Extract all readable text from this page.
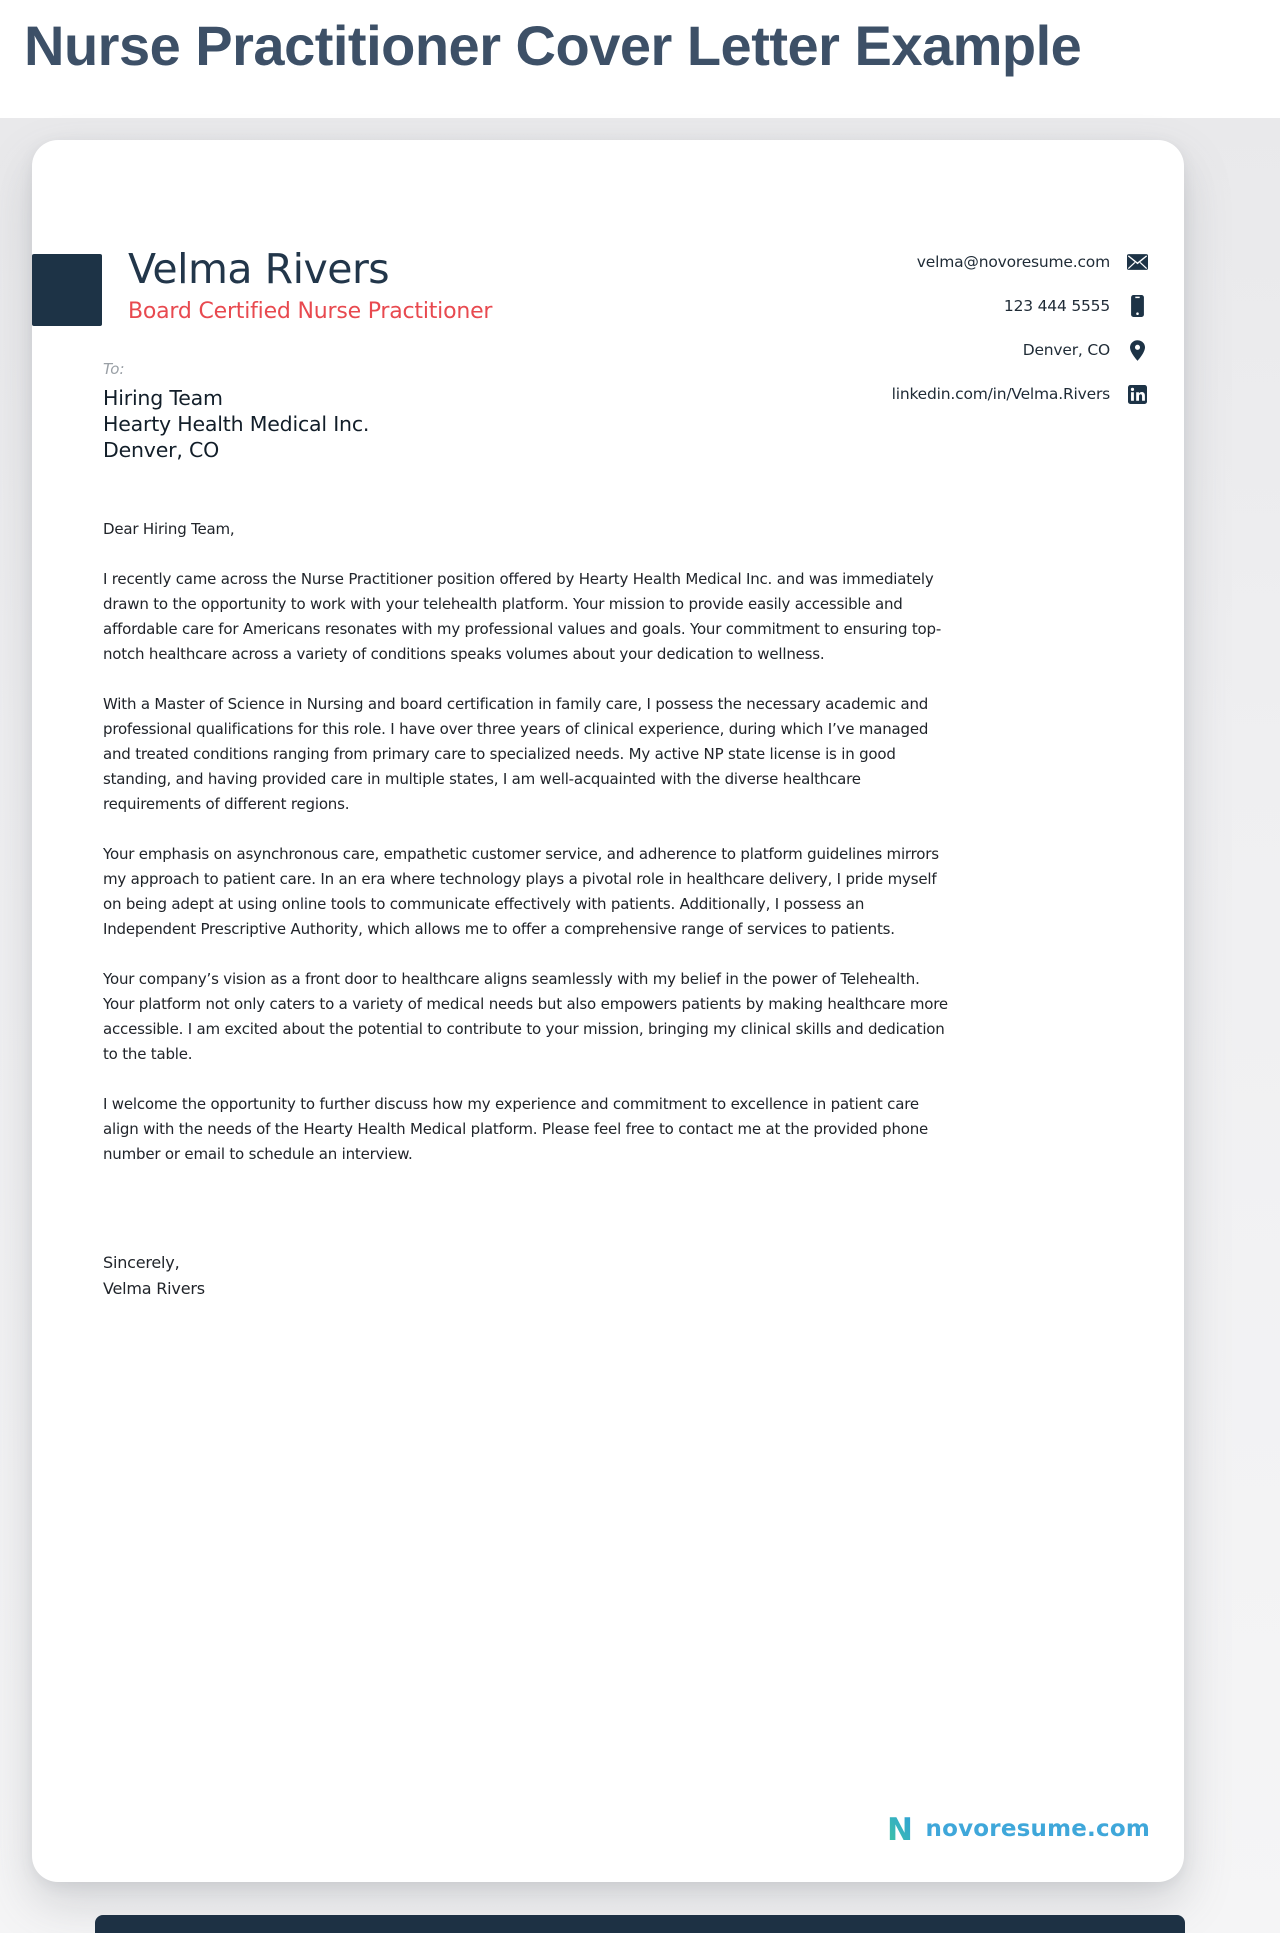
Nurse Practitioner Cover Letter Example
Velma Rivers
Board Certified Nurse Practitioner
velma@novoresume.com
123 444 5555
Denver, CO
linkedin.com/in/Velma.Rivers
To:
Hiring Team
Hearty Health Medical Inc.
Denver, CO

Dear Hiring Team,

I recently came across the Nurse Practitioner position offered by Hearty Health Medical Inc. and was immediately drawn to the opportunity to work with your telehealth platform. Your mission to provide easily accessible and affordable care for Americans resonates with my professional values and goals. Your commitment to ensuring top-notch healthcare across a variety of conditions speaks volumes about your dedication to wellness.

With a Master of Science in Nursing and board certification in family care, I possess the necessary academic and professional qualifications for this role. I have over three years of clinical experience, during which I’ve managed and treated conditions ranging from primary care to specialized needs. My active NP state license is in good standing, and having provided care in multiple states, I am well-acquainted with the diverse healthcare requirements of different regions.

Your emphasis on asynchronous care, empathetic customer service, and adherence to platform guidelines mirrors my approach to patient care. In an era where technology plays a pivotal role in healthcare delivery, I pride myself on being adept at using online tools to communicate effectively with patients. Additionally, I possess an Independent Prescriptive Authority, which allows me to offer a comprehensive range of services to patients.

Your company’s vision as a front door to healthcare aligns seamlessly with my belief in the power of Telehealth. Your platform not only caters to a variety of medical needs but also empowers patients by making healthcare more accessible. I am excited about the potential to contribute to your mission, bringing my clinical skills and dedication to the table.

I welcome the opportunity to further discuss how my experience and commitment to excellence in patient care align with the needs of the Hearty Health Medical platform. Please feel free to contact me at the provided phone number or email to schedule an interview.

Sincerely,
Velma Rivers
N novoresume.com
